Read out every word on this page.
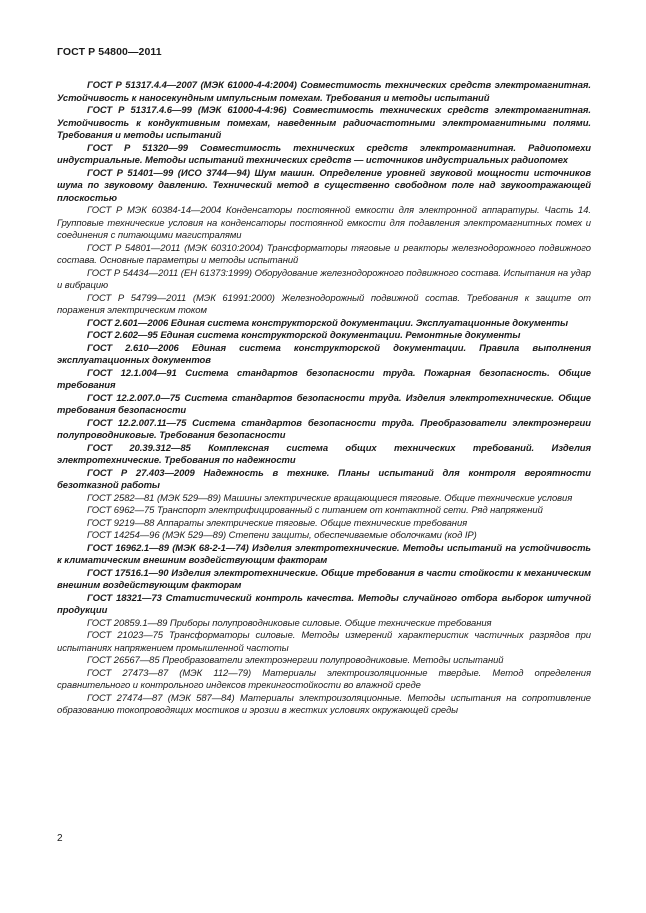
ГОСТ Р 54800—2011

ГОСТ Р 51317.4.4—2007 (МЭК 61000-4-4:2004) Совместимость технических средств электромагнитная. Устойчивость к наносекундным импульсным помехам. Требования и методы испытаний

ГОСТ Р 51317.4.6—99 (МЭК 61000-4-4:96) Совместимость технических средств электромагнитная. Устойчивость к кондуктивным помехам, наведенным радиочастотными электромагнитными полями. Требования и методы испытаний

ГОСТ Р 51320—99 Совместимость технических средств электромагнитная. Радиопомехи индустриальные. Методы испытаний технических средств — источников индустриальных радиопомех

ГОСТ Р 51401—99 (ИСО 3744—94) Шум машин. Определение уровней звуковой мощности источников шума по звуковому давлению. Технический метод в существенно свободном поле над звукоотражающей плоскостью

ГОСТ Р МЭК 60384-14—2004 Конденсаторы постоянной емкости для электронной аппаратуры. Часть 14. Групповые технические условия на конденсаторы постоянной емкости для подавления электромагнитных помех и соединения с питающими магистралями

ГОСТ Р 54801—2011 (МЭК 60310:2004) Трансформаторы тяговые и реакторы железнодорожного подвижного состава. Основные параметры и методы испытаний

ГОСТ Р 54434—2011 (ЕН 61373:1999) Оборудование железнодорожного подвижного состава. Испытания на удар и вибрацию

ГОСТ Р 54799—2011 (МЭК 61991:2000) Железнодорожный подвижной состав. Требования к защите от поражения электрическим током

ГОСТ 2.601—2006 Единая система конструкторской документации. Эксплуатационные документы

ГОСТ 2.602—95 Единая система конструкторской документации. Ремонтные документы

ГОСТ 2.610—2006 Единая система конструкторской документации. Правила выполнения эксплуатационных документов

ГОСТ 12.1.004—91 Система стандартов безопасности труда. Пожарная безопасность. Общие требования

ГОСТ 12.2.007.0—75 Система стандартов безопасности труда. Изделия электротехнические. Общие требования безопасности

ГОСТ 12.2.007.11—75 Система стандартов безопасности труда. Преобразователи электроэнергии полупроводниковые. Требования безопасности

ГОСТ 20.39.312—85 Комплексная система общих технических требований. Изделия электротехнические. Требования по надежности

ГОСТ Р 27.403—2009 Надежность в технике. Планы испытаний для контроля вероятности безотказной работы

ГОСТ 2582—81 (МЭК 529—89) Машины электрические вращающиеся тяговые. Общие технические условия

ГОСТ 6962—75 Транспорт электрифицированный с питанием от контактной сети. Ряд напряжений

ГОСТ 9219—88 Аппараты электрические тяговые. Общие технические требования

ГОСТ 14254—96 (МЭК 529—89) Степени защиты, обеспечиваемые оболочками (код IP)

ГОСТ 16962.1—89 (МЭК 68-2-1—74) Изделия электротехнические. Методы испытаний на устойчивость к климатическим внешним воздействующим факторам

ГОСТ 17516.1—90 Изделия электротехнические. Общие требования в части стойкости к механическим внешним воздействующим факторам

ГОСТ 18321—73 Статистический контроль качества. Методы случайного отбора выборок штучной продукции

ГОСТ 20859.1—89 Приборы полупроводниковые силовые. Общие технические требования

ГОСТ 21023—75 Трансформаторы силовые. Методы измерений характеристик частичных разрядов при испытаниях напряжением промышленной частоты

ГОСТ 26567—85 Преобразователи электроэнергии полупроводниковые. Методы испытаний

ГОСТ 27473—87 (МЭК 112—79) Материалы электроизоляционные твердые. Метод определения сравнительного и контрольного индексов трекингостойкости во влажной среде

ГОСТ 27474—87 (МЭК 587—84) Материалы электроизоляционные. Методы испытания на сопротивление образованию токопроводящих мостиков и эрозии в жестких условиях окружающей среды

2
